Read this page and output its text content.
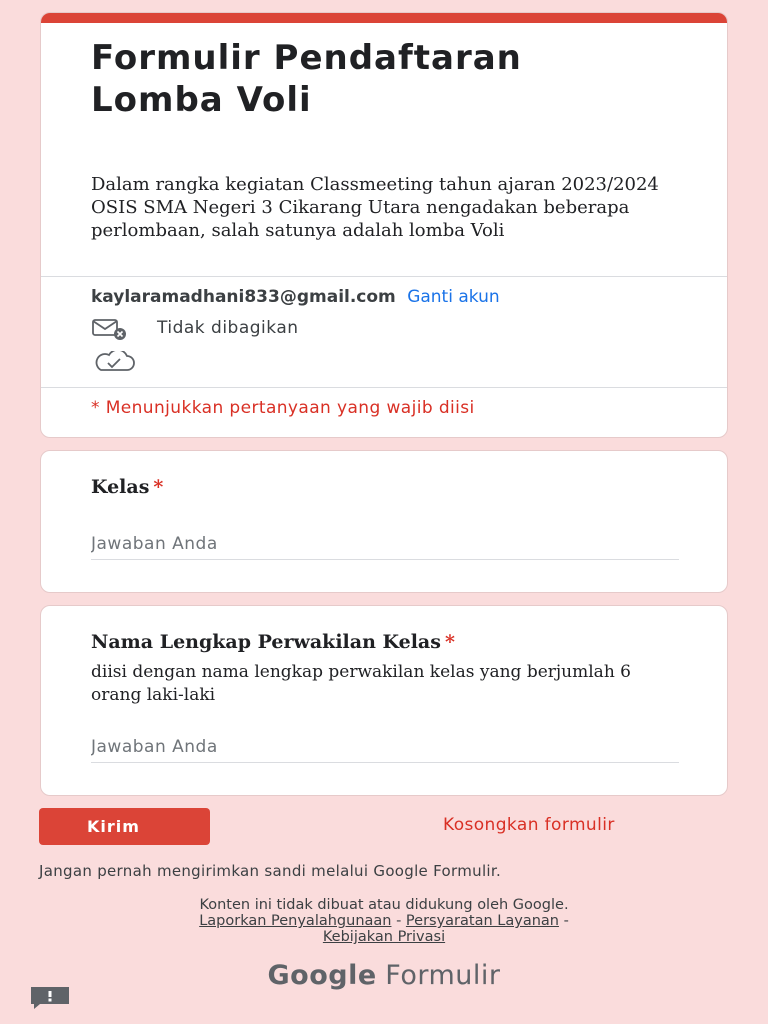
Formulir Pendaftaran Lomba Voli

Dalam rangka kegiatan Classmeeting tahun ajaran 2023/2024 OSIS SMA Negeri 3 Cikarang Utara nengadakan beberapa perlombaan, salah satunya adalah lomba Voli

kaylaramadhani833@gmail.com Ganti akun
Tidak dibagikan
* Menunjukkan pertanyaan yang wajib diisi
Kelas *
Jawaban Anda
Nama Lengkap Perwakilan Kelas *

diisi dengan nama lengkap perwakilan kelas yang berjumlah 6 orang laki-laki

Jawaban Anda
Kirim	Kosongkan formulir
Jangan pernah mengirimkan sandi melalui Google Formulir.
Konten ini tidak dibuat atau didukung oleh Google.
Laporkan Penyalahgunaan - Persyaratan Layanan -
Kebijakan Privasi
Google Formulir
